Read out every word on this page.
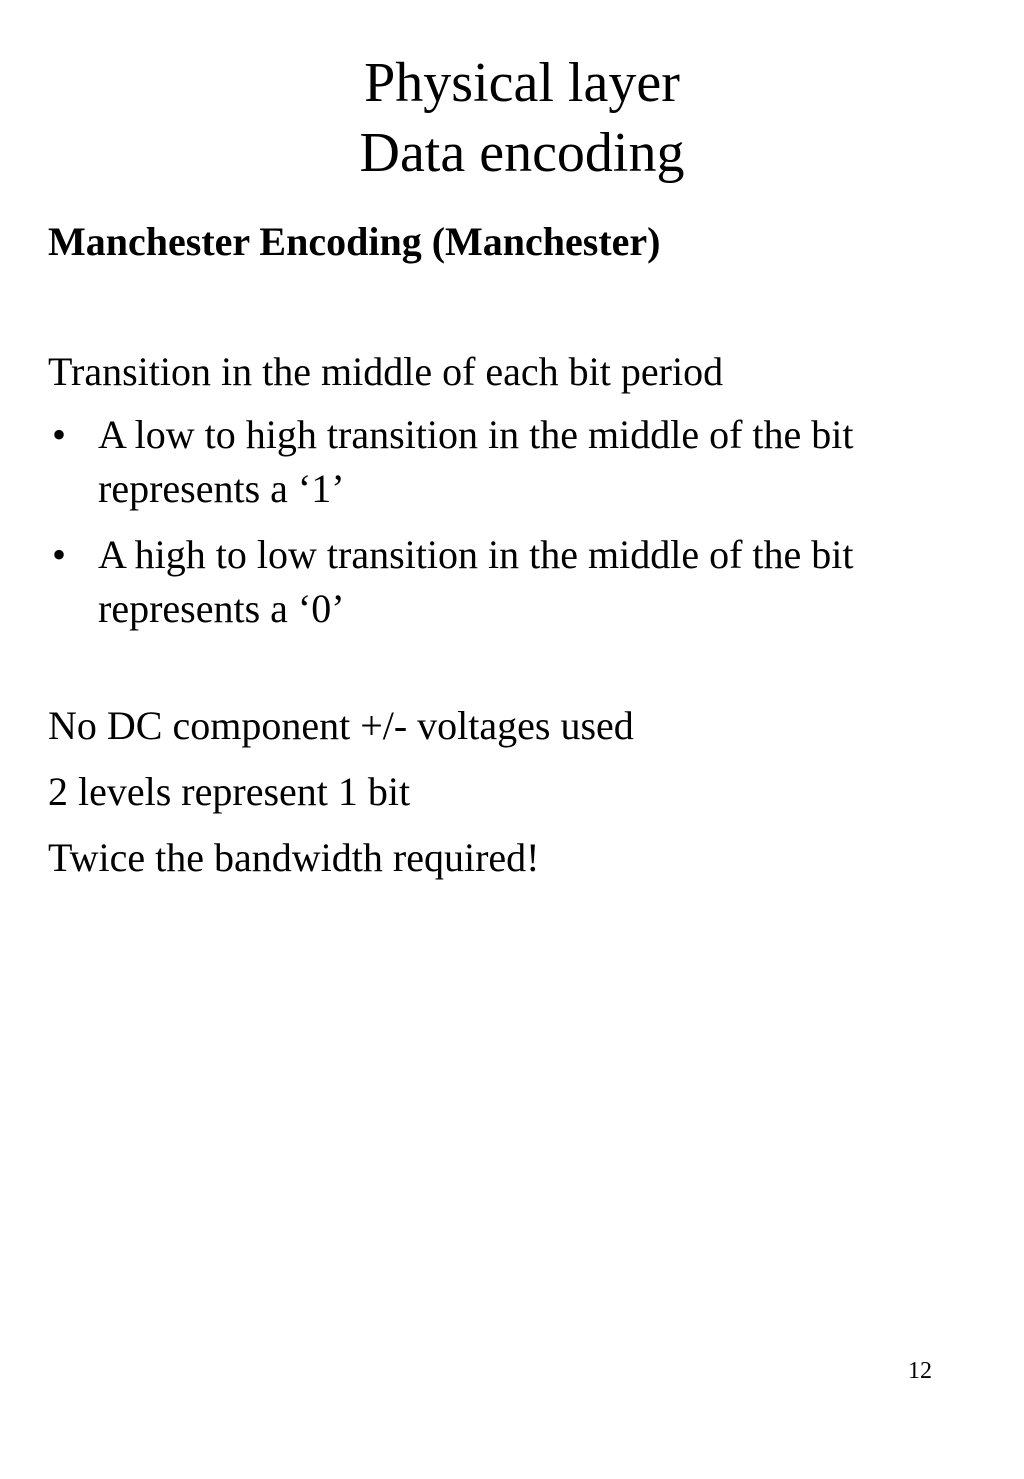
Physical layer
Data encoding

Manchester Encoding (Manchester)

Transition in the middle of each bit period

• A low to high transition in the middle of the bit represents a ‘1’
• A high to low transition in the middle of the bit represents a ‘0’

No DC component +/- voltages used

2 levels represent 1 bit

Twice the bandwidth required!

12
